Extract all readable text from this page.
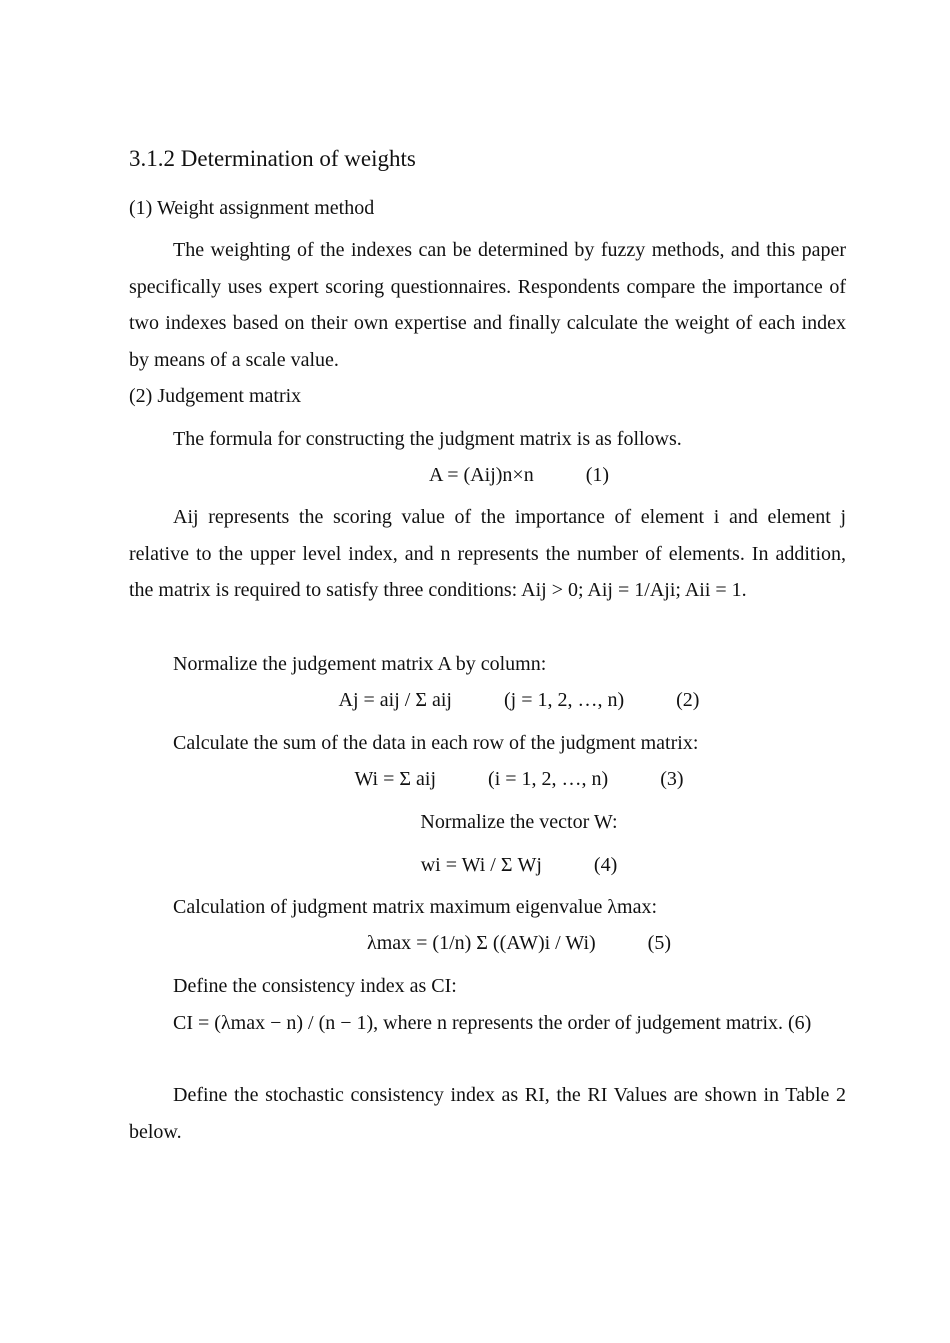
3.1.2 Determination of weights
(1) Weight assignment method

The weighting of the indexes can be determined by fuzzy methods, and this paper specifically uses expert scoring questionnaires. Respondents compare the importance of two indexes based on their own expertise and finally calculate the weight of each index by means of a scale value.

(2) Judgement matrix
The formula for constructing the judgment matrix is as follows.
A = (Aij)n×n	(1)

Aij represents the scoring value of the importance of element i and element j relative to the upper level index, and n represents the number of elements. In addition, the matrix is required to satisfy three conditions: Aij > 0; Aij = 1/Aji; Aii = 1.

Normalize the judgement matrix A by column:
Aj = aij / Σ aij	(j = 1, 2, …, n)	(2)
Calculate the sum of the data in each row of the judgment matrix:
Wi = Σ aij	(i = 1, 2, …, n)	(3)
Normalize the vector W:
wi = Wi / Σ Wj	(4)
Calculation of judgment matrix maximum eigenvalue λmax:
λmax = (1/n) Σ ((AW)i / Wi)	(5)
Define the consistency index as CI:

CI = (λmax − n) / (n − 1), where n represents the order of judgement matrix. (6)

Define the stochastic consistency index as RI, the RI Values are shown in Table 2 below.
